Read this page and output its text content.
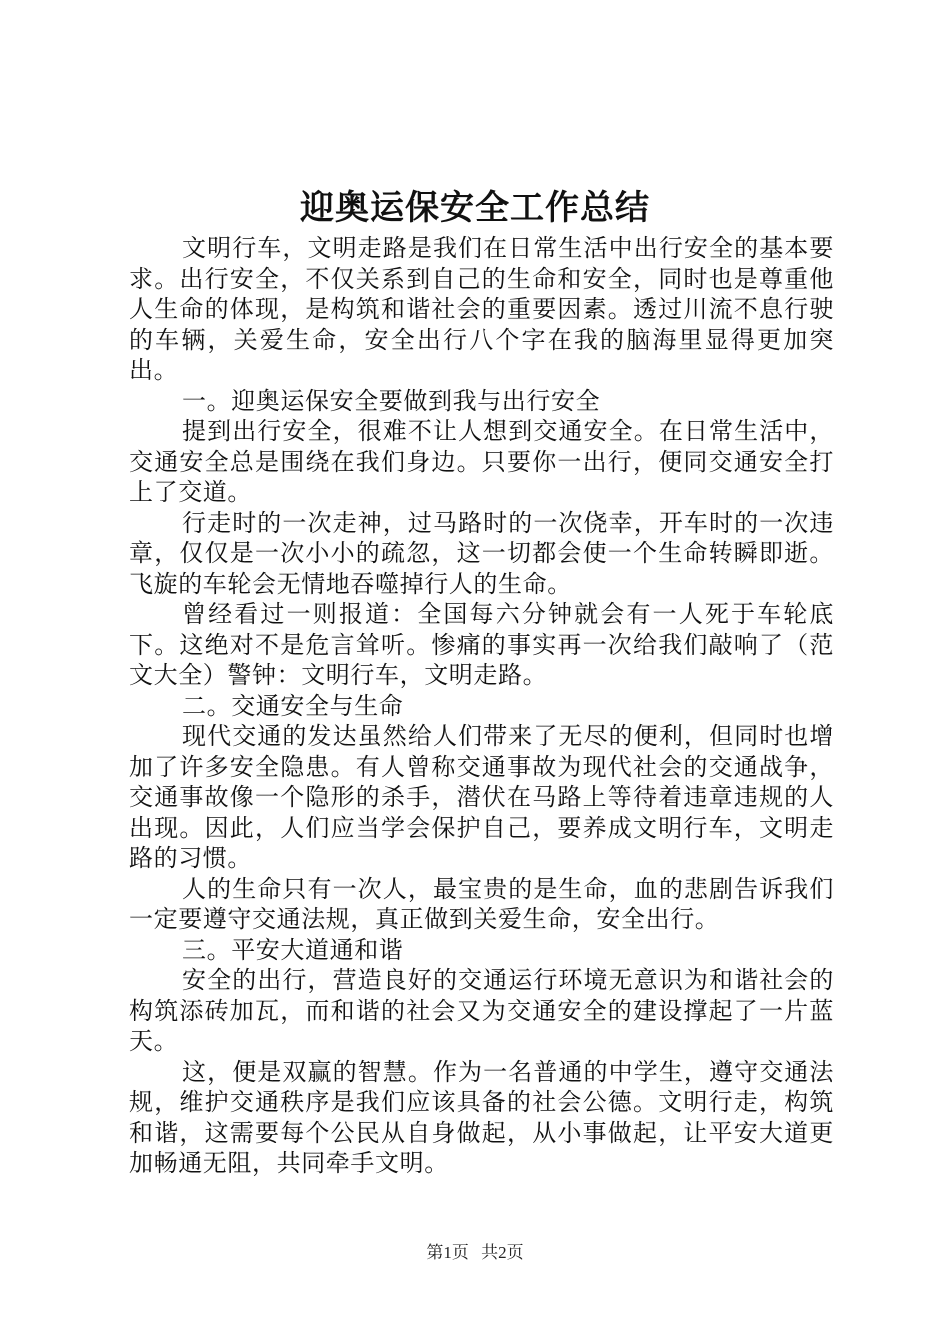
迎奥运保安全工作总结

文明行车，文明走路是我们在日常生活中出行安全的基本要求。出行安全，不仅关系到自己的生命和安全，同时也是尊重他人生命的体现，是构筑和谐社会的重要因素。透过川流不息行驶的车辆，关爱生命，安全出行八个字在我的脑海里显得更加突出。

一。迎奥运保安全要做到我与出行安全

提到出行安全，很难不让人想到交通安全。在日常生活中，交通安全总是围绕在我们身边。只要你一出行，便同交通安全打上了交道。

行走时的一次走神，过马路时的一次侥幸，开车时的一次违章，仅仅是一次小小的疏忽，这一切都会使一个生命转瞬即逝。飞旋的车轮会无情地吞噬掉行人的生命。

曾经看过一则报道：全国每六分钟就会有一人死于车轮底下。这绝对不是危言耸听。惨痛的事实再一次给我们敲响了（范文大全）警钟：文明行车，文明走路。

二。交通安全与生命

现代交通的发达虽然给人们带来了无尽的便利，但同时也增加了许多安全隐患。有人曾称交通事故为现代社会的交通战争，交通事故像一个隐形的杀手，潜伏在马路上等待着违章违规的人出现。因此，人们应当学会保护自己，要养成文明行车，文明走路的习惯。

人的生命只有一次人，最宝贵的是生命，血的悲剧告诉我们一定要遵守交通法规，真正做到关爱生命，安全出行。

三。平安大道通和谐

安全的出行，营造良好的交通运行环境无意识为和谐社会的构筑添砖加瓦，而和谐的社会又为交通安全的建设撑起了一片蓝天。

这，便是双赢的智慧。作为一名普通的中学生，遵守交通法规，维护交通秩序是我们应该具备的社会公德。文明行走，构筑和谐，这需要每个公民从自身做起，从小事做起，让平安大道更加畅通无阻，共同牵手文明。

第1页 共2页
